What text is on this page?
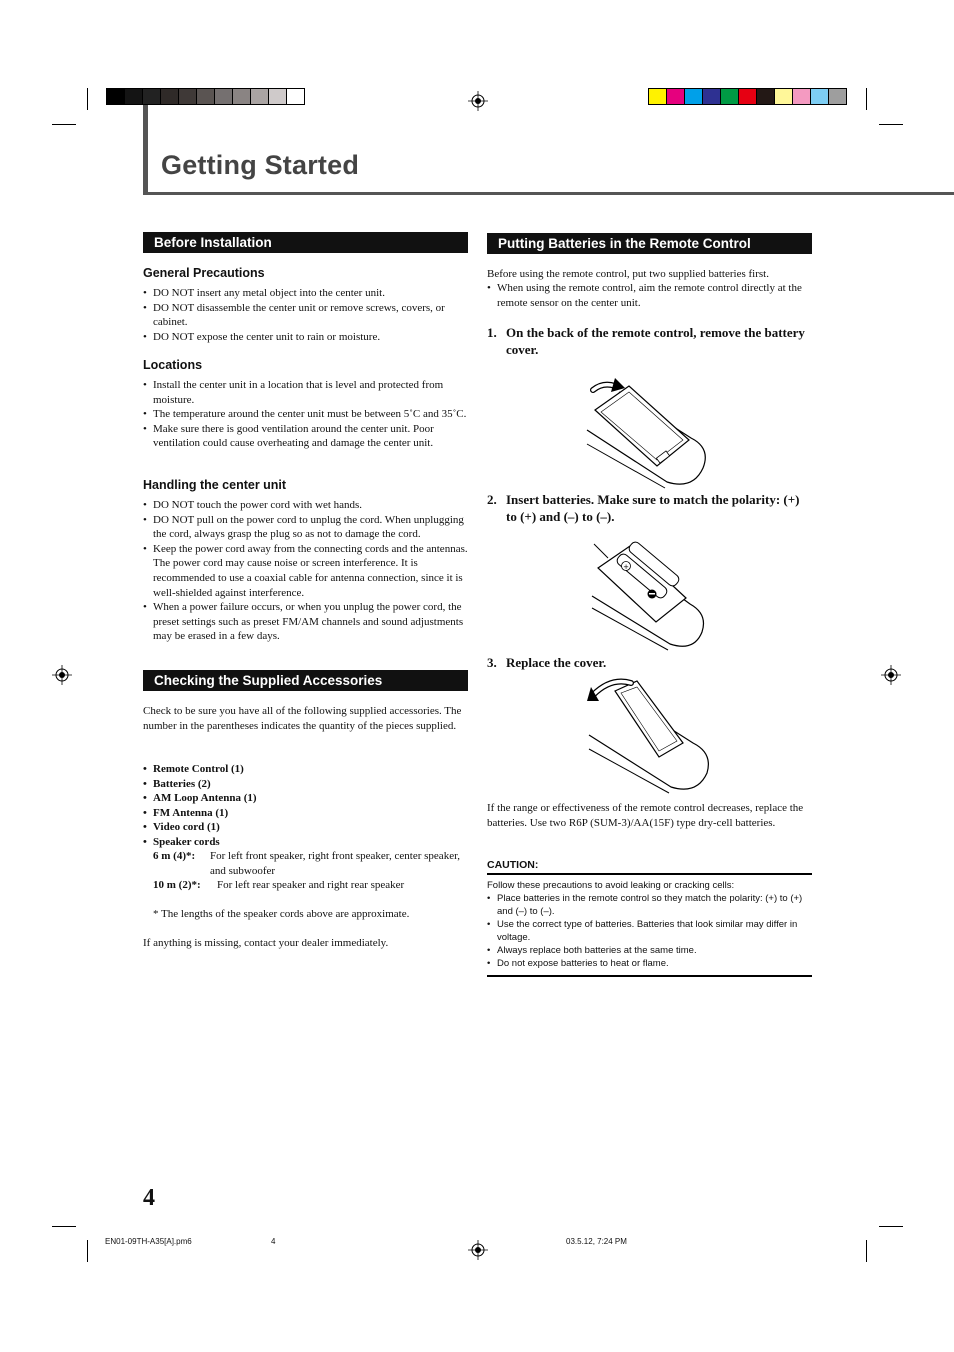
Getting Started
Before Installation
General Precautions
• DO NOT insert any metal object into the center unit.
• DO NOT disassemble the center unit or remove screws, covers, or cabinet.
• DO NOT expose the center unit to rain or moisture.
Locations
• Install the center unit in a location that is level and protected from moisture.
• The temperature around the center unit must be between 5˚C and 35˚C.
• Make sure there is good ventilation around the center unit. Poor ventilation could cause overheating and damage the center unit.
Handling the center unit
• DO NOT touch the power cord with wet hands.
• DO NOT pull on the power cord to unplug the cord. When unplugging the cord, always grasp the plug so as not to damage the cord.
• Keep the power cord away from the connecting cords and the antennas. The power cord may cause noise or screen interference. It is recommended to use a coaxial cable for antenna connection, since it is well-shielded against interference.
• When a power failure occurs, or when you unplug the power cord, the preset settings such as preset FM/AM channels and sound adjustments may be erased in a few days.
Checking the Supplied Accessories
Check to be sure you have all of the following supplied accessories. The number in the parentheses indicates the quantity of the pieces supplied.
• Remote Control (1)
• Batteries (2)
• AM Loop Antenna (1)
• FM Antenna (1)
• Video cord (1)
• Speaker cords
6 m (4)*: For left front speaker, right front speaker, center speaker, and subwoofer
10 m (2)*: For left rear speaker and right rear speaker
* The lengths of the speaker cords above are approximate.
If anything is missing, contact your dealer immediately.
Putting Batteries in the Remote Control
Before using the remote control, put two supplied batteries first.
• When using the remote control, aim the remote control directly at the remote sensor on the center unit.
1. On the back of the remote control, remove the battery cover.
2. Insert batteries. Make sure to match the polarity: (+) to (+) and (–) to (–).
+
3. Replace the cover.
If the range or effectiveness of the remote control decreases, replace the batteries. Use two R6P (SUM-3)/AA(15F) type dry-cell batteries.
CAUTION:
Follow these precautions to avoid leaking or cracking cells:
• Place batteries in the remote control so they match the polarity: (+) to (+) and (–) to (–).
• Use the correct type of batteries. Batteries that look similar may differ in voltage.
• Always replace both batteries at the same time.
• Do not expose batteries to heat or flame.
4
EN01-09TH-A35[A].pm6	4	03.5.12, 7:24 PM
